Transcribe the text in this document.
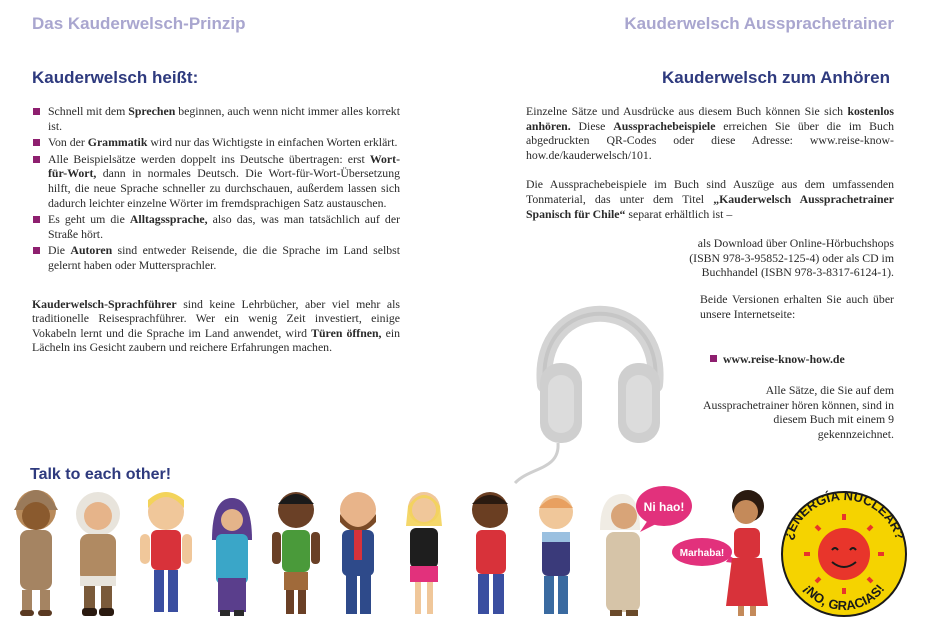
Das Kauderwelsch-Prinzip	Kauderwelsch Aussprachetrainer
Kauderwelsch heißt:	Kauderwelsch zum Anhören
Schnell mit dem Sprechen beginnen, auch wenn nicht immer alles korrekt ist.
Von der Grammatik wird nur das Wichtigste in einfachen Worten erklärt.
Alle Beispielsätze werden doppelt ins Deutsche übertragen: erst Wort-für-Wort, dann in normales Deutsch. Die Wort-für-Wort-Übersetzung hilft, die neue Sprache schneller zu durchschauen, außerdem lassen sich dadurch leichter einzelne Wörter im fremdsprachigen Satz austauschen.
Es geht um die Alltagssprache, also das, was man tatsächlich auf der Straße hört.
Die Autoren sind entweder Reisende, die die Sprache im Land selbst gelernt haben oder Muttersprachler.

Kauderwelsch-Sprachführer sind keine Lehrbücher, aber viel mehr als traditionelle Reisesprachführer. Wer ein wenig Zeit investiert, einige Vokabeln lernt und die Sprache im Land anwendet, wird Türen öffnen, ein Lächeln ins Gesicht zaubern und reichere Erfahrungen machen.

Einzelne Sätze und Ausdrücke aus diesem Buch können Sie sich kostenlos anhören. Diese Aussprachebeispiele erreichen Sie über die im Buch abgedruckten QR-Codes oder diese Adresse: www.reise-know-how.de/kauderwelsch/101.

Die Aussprachebeispiele im Buch sind Auszüge aus dem umfassenden Tonmaterial, das unter dem Titel „Kauderwelsch Aussprachetrainer Spanisch für Chile“ separat erhältlich ist –

als Download über Online-Hörbuchshops (ISBN 978-3-95852-125-4) oder als CD im Buchhandel (ISBN 978-3-8317-6124-1).
Beide Versionen erhalten Sie auch über unsere Internetseite:
www.reise-know-how.de
Alle Sätze, die Sie auf dem Aussprachetrainer hören können, sind in diesem Buch mit einem 9 gekennzeichnet.
Talk to each other!
Ni hao!
Marhaba!
¿ENERGÍA NUCLEAR?
¡NO, GRACIAS!
